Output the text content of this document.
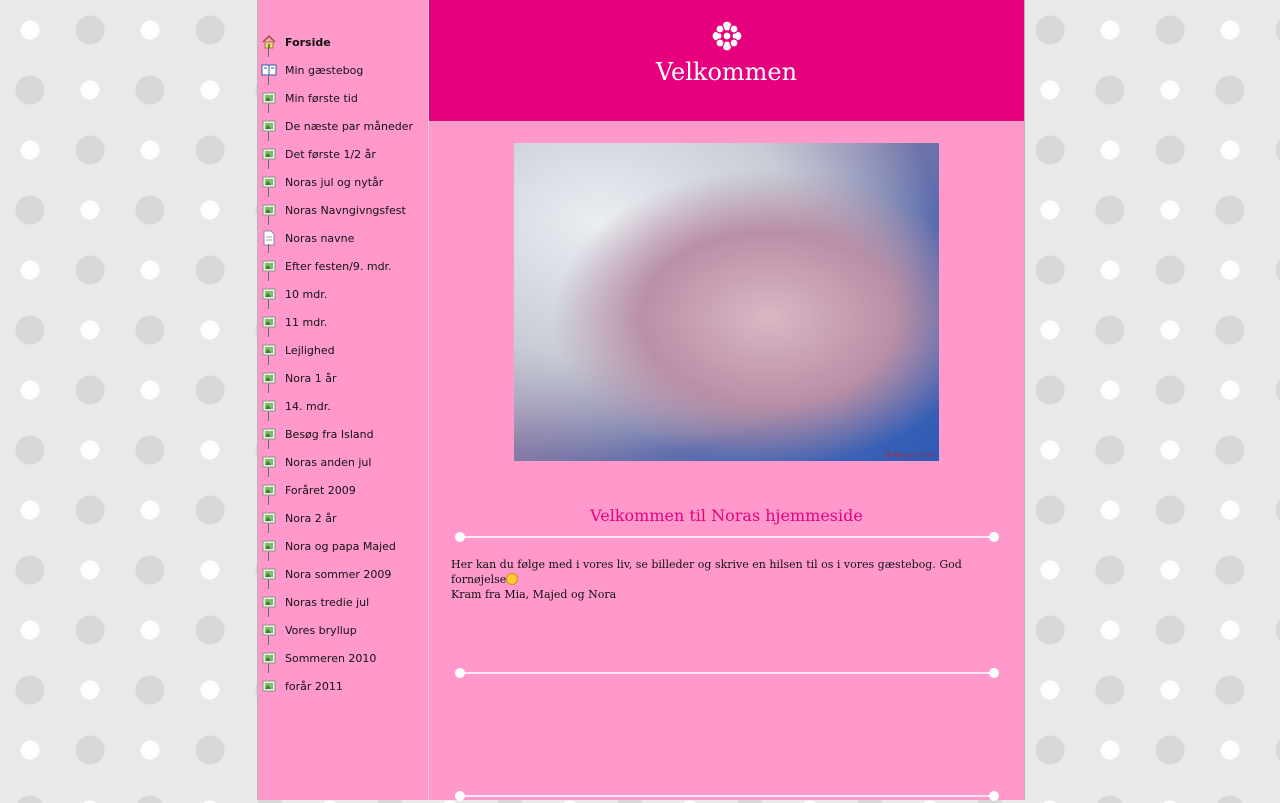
Forside
Min gæstebog
Min første tid
De næste par måneder
Det første 1/2 år
Noras jul og nytår
Noras Navngivngsfest
Noras navne
Efter festen/9. mdr.
10 mdr.
11 mdr.
Lejlighed
Nora 1 år
14. mdr.
Besøg fra Island
Noras anden jul
Foråret 2009
Nora 2 år
Nora og papa Majed
Nora sommer 2009
Noras tredie jul
Vores bryllup
Sommeren 2010
forår 2011
Velkommen
29-May-07 13:07
Velkommen til Noras hjemmeside
Her kan du følge med i vores liv, se billeder og skrive en hilsen til os i vores gæstebog. God fornøjelse
Kram fra Mia, Majed og Nora
